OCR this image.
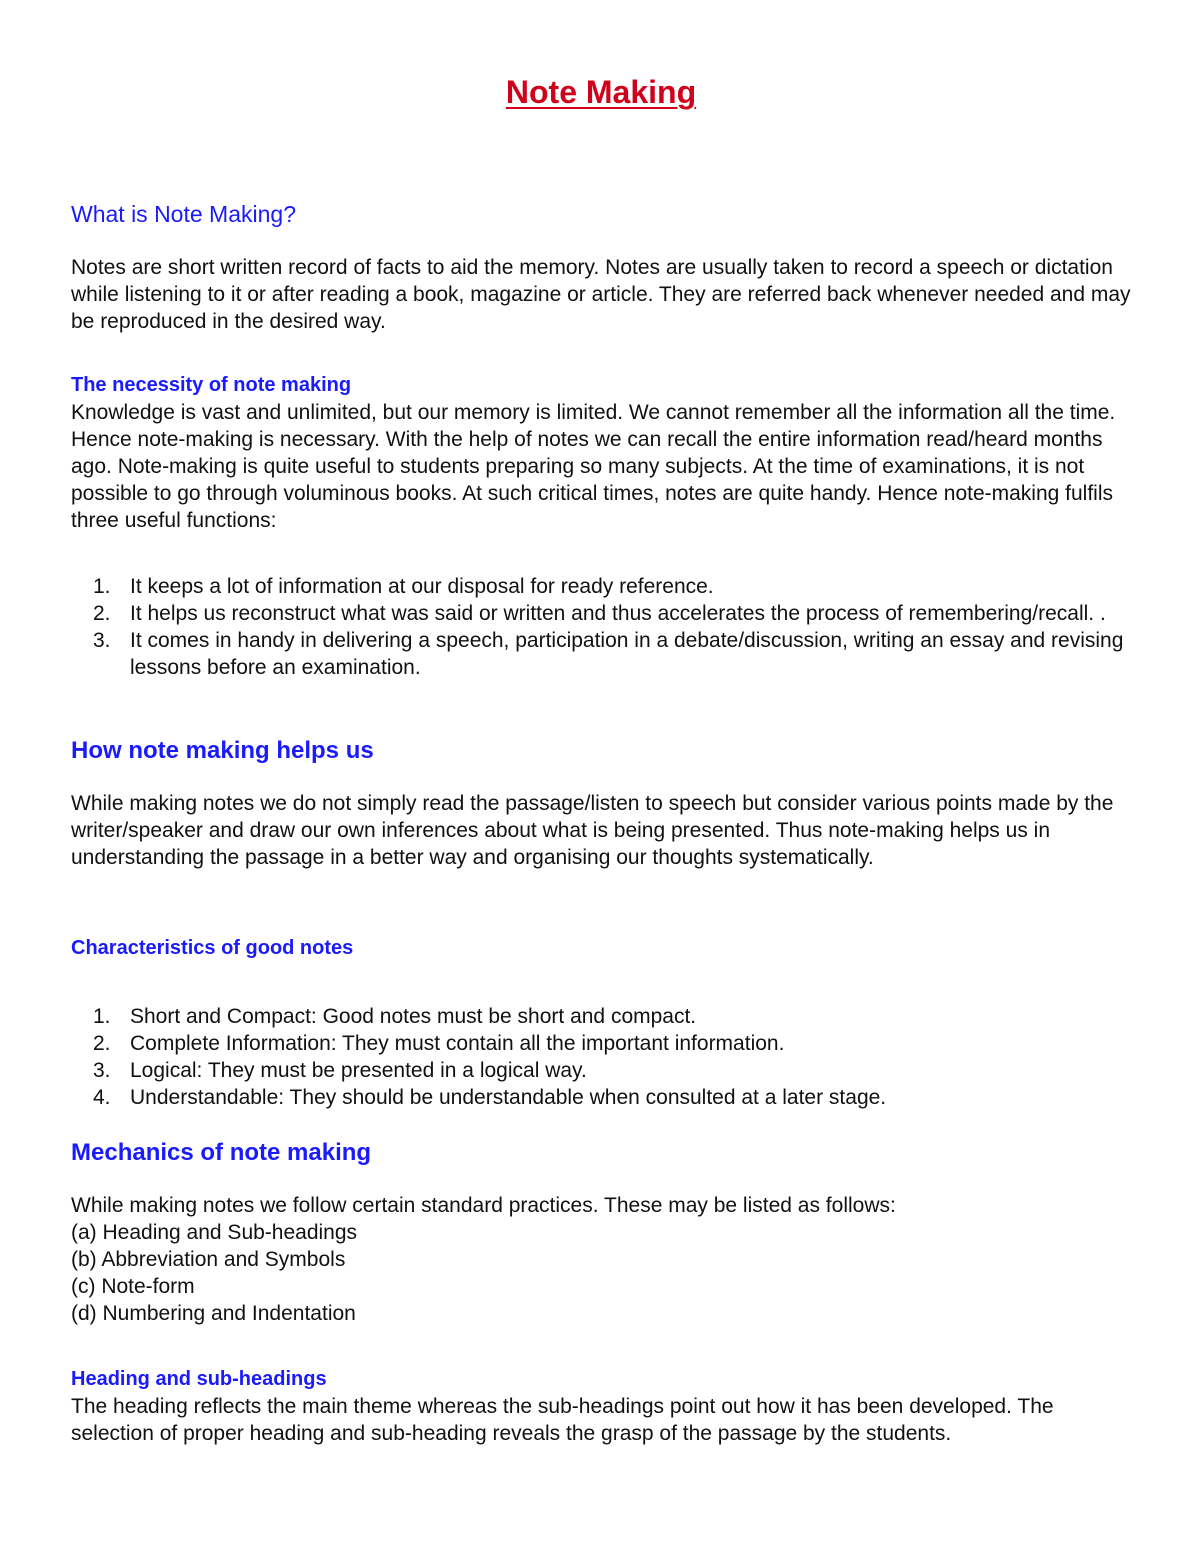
Note Making
What is Note Making?

Notes are short written record of facts to aid the memory. Notes are usually taken to record a speech or dictation while listening to it or after reading a book, magazine or article. They are referred back whenever needed and may be reproduced in the desired way.

The necessity of note making

Knowledge is vast and unlimited, but our memory is limited. We cannot remember all the information all the time. Hence note-making is necessary. With the help of notes we can recall the entire information read/heard months ago. Note-making is quite useful to students preparing so many subjects. At the time of examinations, it is not possible to go through voluminous books. At such critical times, notes are quite handy. Hence note-making fulfils three useful functions:

1. It keeps a lot of information at our disposal for ready reference.
2. It helps us reconstruct what was said or written and thus accelerates the process of remembering/recall. .
3. It comes in handy in delivering a speech, participation in a debate/discussion, writing an essay and revising lessons before an examination.
How note making helps us

While making notes we do not simply read the passage/listen to speech but consider various points made by the writer/speaker and draw our own inferences about what is being presented. Thus note-making helps us in understanding the passage in a better way and organising our thoughts systematically.

Characteristics of good notes
1. Short and Compact: Good notes must be short and compact.
2. Complete Information: They must contain all the important information.
3. Logical: They must be presented in a logical way.
4. Understandable: They should be understandable when consulted at a later stage.
Mechanics of note making

While making notes we follow certain standard practices. These may be listed as follows:

(a) Heading and Sub-headings
(b) Abbreviation and Symbols
(c) Note-form
(d) Numbering and Indentation
Heading and sub-headings

The heading reflects the main theme whereas the sub-headings point out how it has been developed. The selection of proper heading and sub-heading reveals the grasp of the passage by the students.
